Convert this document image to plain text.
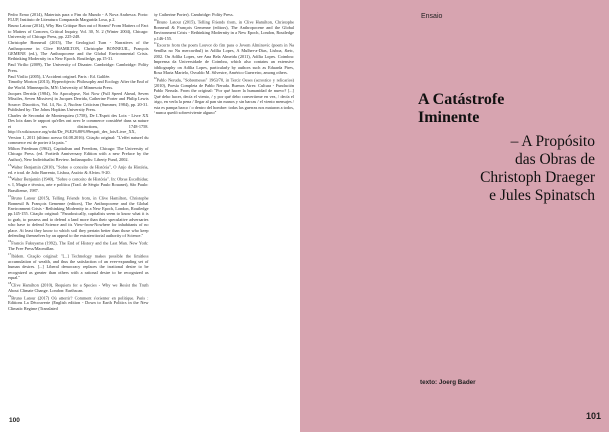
Pedro Ermo (2014), Materiais para o Fim do Mundo - A Nova Arabesca. Porto: FLUP, Instituto de Literatura Comparada Margarida Losa, p.2.

Bruno Latour (2014), Why Has Critique Run out of Steam? From Matters of Fact to Matters of Concern, Critical Inquiry, Vol. 30, N. 2 (Winter 2004), Chicago: University of Chicago Press, pp. 225-248.

Christophe Bonneuil (2015), The Geological Turn - Narratives of the Anthropocene in Clive HAMILTON, Christophe BONNEUIL, François GEMENE (ed.), The Anthropocene and the Global Environmental Crisis. Rethinking Modernity in a New Epoch. Routledge, pp.15-31.

Paul Virilio (2009), The University of Disaster. Cambridge: Cambridge: Polity Press.

Paul Virilio (2005), L'Accident originel. Paris : Ed. Galilée.

Timothy Morton (2013), Hyperobjects: Philosophy and Ecology After the End of the World. Minneapolis, MN: University of Minnesota Press.

Jacques Derrida (1984), No Apocalypse, Not Now (Full Speed Ahead, Seven Missiles, Seven Missives) in Jacques Derrida, Catherine Porter and Philip Lewis Source: Diacritics, Vol. 14, No. 2, Nuclear Criticism (Summer, 1984), pp. 20-31. Published by: The Johns Hopkins University Press.

Charles de Secondat de Montesquieu (1758), De L'Esprit des Loix - Livre XX Des loix dans le rapport qu'elles ont avec le commerce considéré dans sa nature et ses distinctions, 1748-1758. http://fr.wikisource.org/wiki/De_l%E2%80%99esprit_des_lois/Livre_XX, Version 1, 2011 (último acesso 04.08.2016). Citação original: "L'effet naturel du commerce est de porter à la paix."

Milton Friedman (1962), Capitalism and Freedom, Chicago: The University of Chicago Press. (ed. Fortieth Anniversary Edition with a new Preface by the Author), New Individualist Review. Indianapolis: Liberty Fund, 2002.

$^{13}$Walter Benjamin (2010), "Sobre o conceito de História", O Anjo da História, ed. e trad. de João Barrento, Lisboa, Assírio & Alvim. 9-20.

$^{14}$Walter Benjamin (1940), "Sobre o conceito de História". In: Obras Escolhidas; v. I, Magia e técnica, arte e política (Trad. de Sérgio Paulo Rouanet), São Paulo: Brasiliense, 1987.

$^{15}$Bruno Latour (2015), Telling Friends from, in Clive Hamilton, Christophe Bonneuil & François Gemenne (editors), The Anthropocene and the Global Environment Crisis - Rethinking Modernity in a New Epoch, London, Routledge pp.145-155. Citação original: "Paradoxically, capitalists seem to know what it is to grab, to possess and to defend a land more than their speculative adversaries who have to defend Science and its View-from-Nowhere for inhabitants of no place. At least they know to which soil they pertain better than those who keep defending themselves by an appeal to the extraterritorial authority of Science."

$^{16}$Francis Fukuyama (1992), The End of History and the Last Man. New York: The Free Press/Macmillan.

$^{17}$Ibidem. Citação original: "[...] Technology makes possible the limitless accumulation of wealth, and thus the satisfaction of an ever-expanding set of human desires. [...] Liberal democracy replaces the irrational desire to be recognized as greater than others with a rational desire to be recognized as equal."

$^{18}$Clive Hamilton (2010), Requiem for a Species - Why we Resist the Truth About Climate Change. London: Earthscan.

$^{19}$Bruno Latour (2017) Où atterrir? Comment s'orienter en politique. Paris : Editions La Découverte (English edition - Down to Earth Politics in the New Climatic Regime (Translated

by Catherine Porter). Cambridge: Polity Press.

$^{20}$Bruno Latour (2015), Telling Friends from, in Clive Hamilton, Christophe Bonneuil & François Gemenne (editors), The Anthropocene and the Global Environment Crisis - Rethinking Modernity in a New Epoch, London, Routledge p.146-155.

$^{21}$Excerto from the poem Louvor do fim para o Jovem Alminovic (poem in Na Senilha no Nu mercavibul) in Adília Lopes, A Mulher-a-Dias, Lisboa, &etc, 2002. On Adília Lopes, see Ana Bela Almeida (2011), Adília Lopes. Coimbra: Imprensa da Universidade de Coimbra, which also contains an extensive bibliography on Adília Lopes, particularly by authors such as Eduarda Pires, Rosa Maria Martelo, Osvaldo M. Silvestre, Américo Guerreiro, among others.

$^{22}$Pablo Neruda, "Sobremesas" 1963/70, in Tercir Oeses (acrostico y relicarios) (2010), Poesía Completa de Pablo Neruda. Buenos Aires: Cultura - Fundación Pablo Neruda. From the original: "Por qué hacer la humanidad de nuevo? [...] Qué debo hacer, decía el viento, / y por qué debo convertirme en vez, / decía el trigo, en verla la pena / llegar al pan sin manos y sin barcas / el viento mensajes / esta es pampa barco / o dentro del hombre: todas las guerras nos mataron a todos, / nunca quedó sobreviviente alguno"

100
Ensaio
A Catástrofe
Iminente
– A Propósito
das Obras de
Christoph Draeger
e Jules Spinatsch
texto: Joerg Bader
101
